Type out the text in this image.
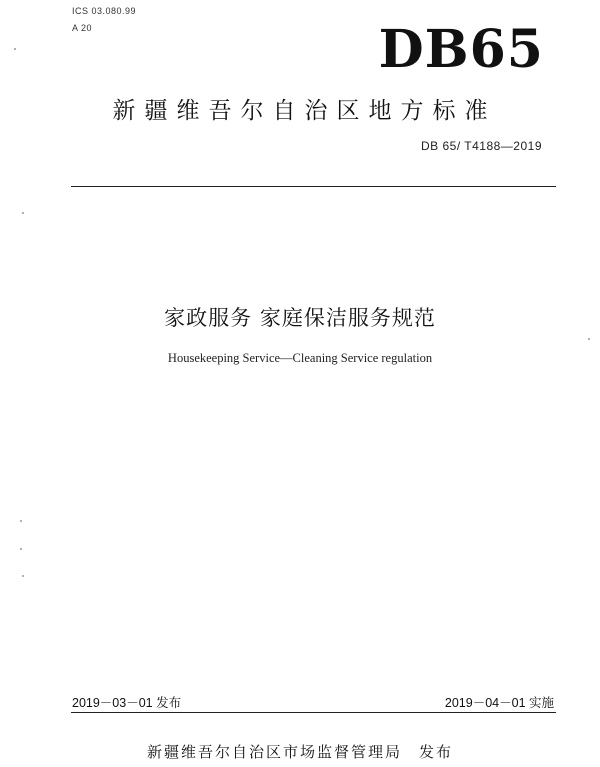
ICS 03.080.99
A 20	DB65
新疆维吾尔自治区地方标准
DB 65/ T4188—2019
家政服务 家庭保洁服务规范
Housekeeping Service—Cleaning Service regulation
2019－03－01 发布	2019－04－01 实施
新疆维吾尔自治区市场监督管理局　发布
